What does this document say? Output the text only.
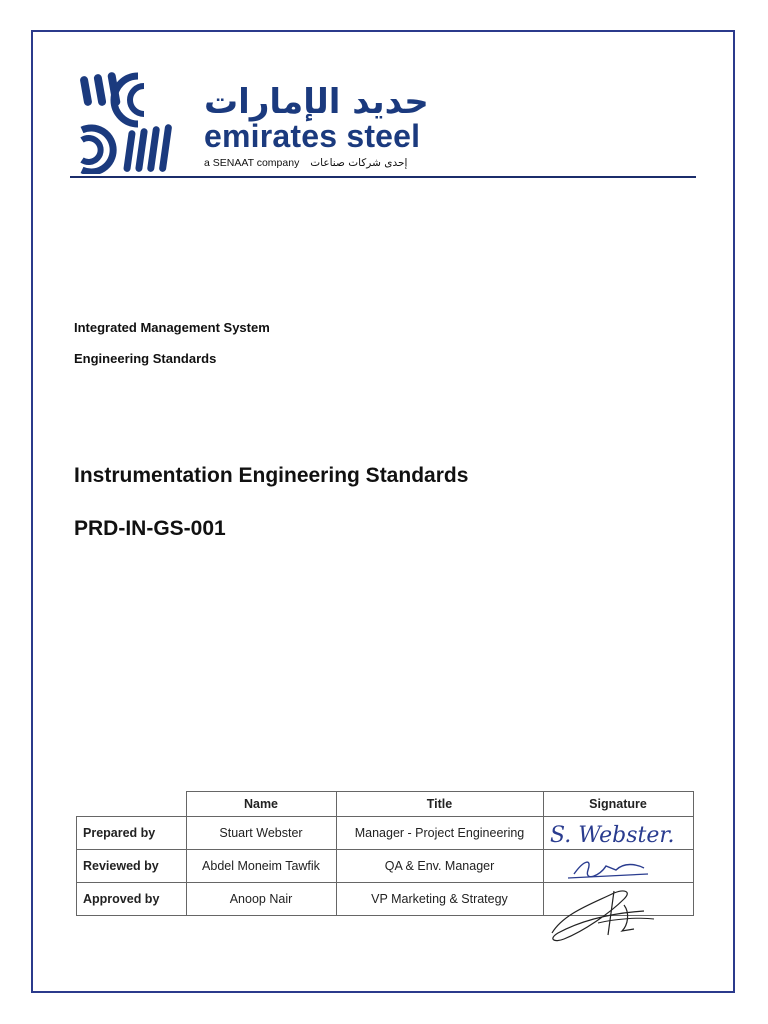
حديد الإمارات
emirates steel
a SENAAT company إحدى شركات صناعات
Integrated Management System
Engineering Standards
Instrumentation Engineering Standards
PRD-IN-GS-001
	Name	Title	Signature
Prepared by	Stuart Webster	Manager - Project Engineering	S. Webster.

Reviewed by	Abdel Moneim Tawfik	QA & Env. Manager	

Approved by	Anoop Nair	VP Marketing & Strategy	
